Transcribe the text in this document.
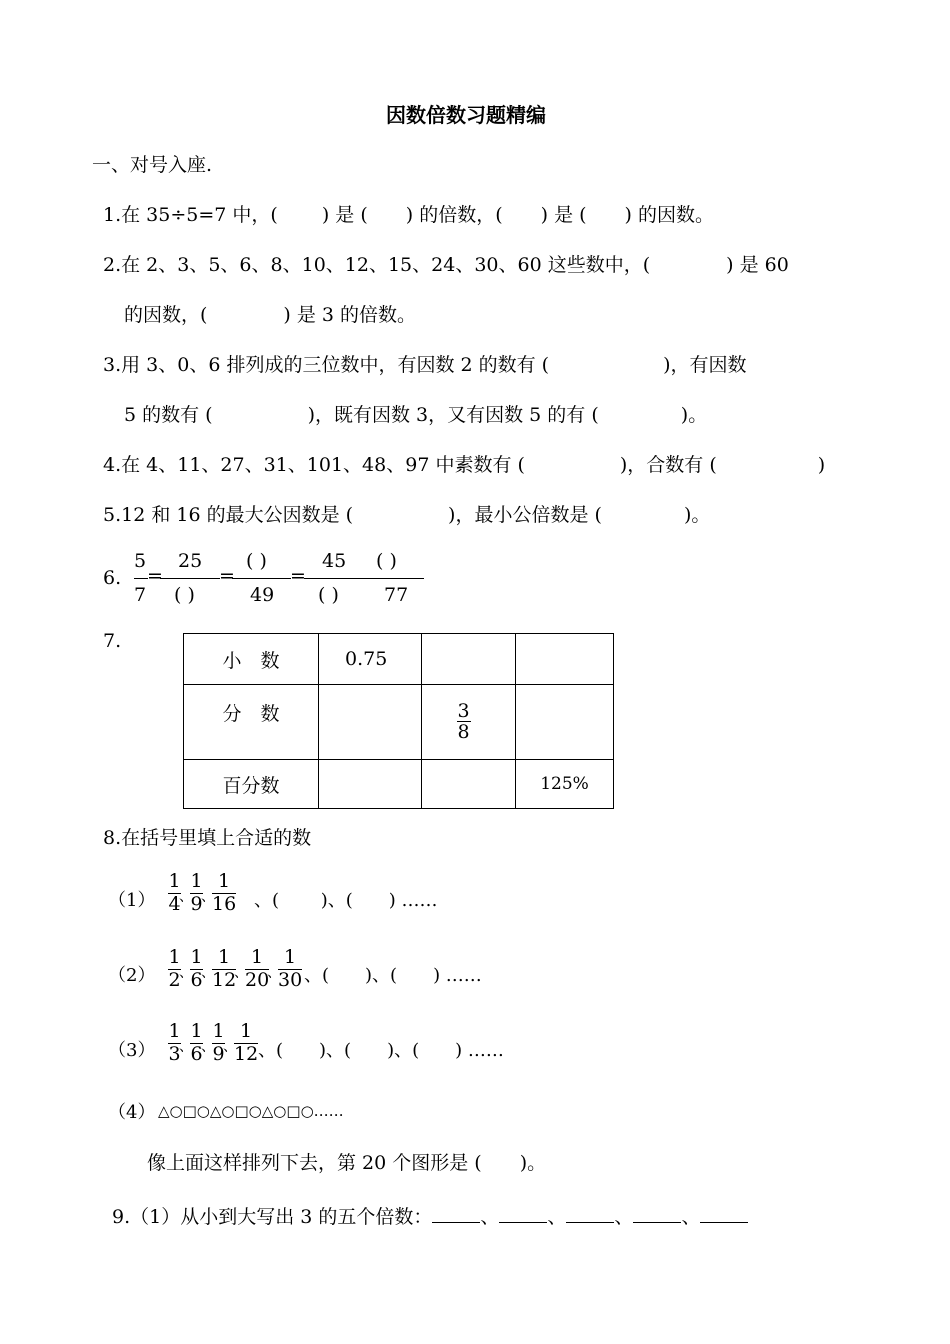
因数倍数习题精编
一、对号入座.
1.在 35÷5=7 中，(　　 ) 是 (　　) 的倍数，(　　) 是 (　　) 的因数。
2.在 2、3、5、6、8、10、12、15、24、30、60 这些数中，(　　　　) 是 60
的因数，(　　　　) 是 3 的倍数。
3.用 3、0、6 排列成的三位数中，有因数 2 的数有 (　　　　　　)，有因数
5 的数有 (　　　　　)，既有因数 3，又有因数 5 的有 (　　　　 )。
4.在 4、11、27、31、101、48、97 中素数有 (　　　　　)，合数有 (　　　　　 )
5.12 和 16 的最大公因数是 (　　　　　)，最小公倍数是 (　　　　 )。
6.
5
7
=
25
( )
=
( )
49
=
45
( )
( )
77
7.
小　数	0.75		
分　数		$\frac{3}{8}$

百分数			125%
8.在括号里填上合适的数
（1）
1
4
、
1
9
、
1
16 、(　　 )、(　　) ……
（2）
1
2
、
1
6
、
1
12
、
1
20
、
1
30 、(　　)、(　　) ……
（3）
1
3
、
1
6
、
1
9
、
1
12 、(　　)、(　　)、(　　) ……
（4） △○□○△○□○△○□○……
像上面这样排列下去，第 20 个图形是 (　　)。
9.（1）从小到大写出 3 的五个倍数：	、	、	、	、
